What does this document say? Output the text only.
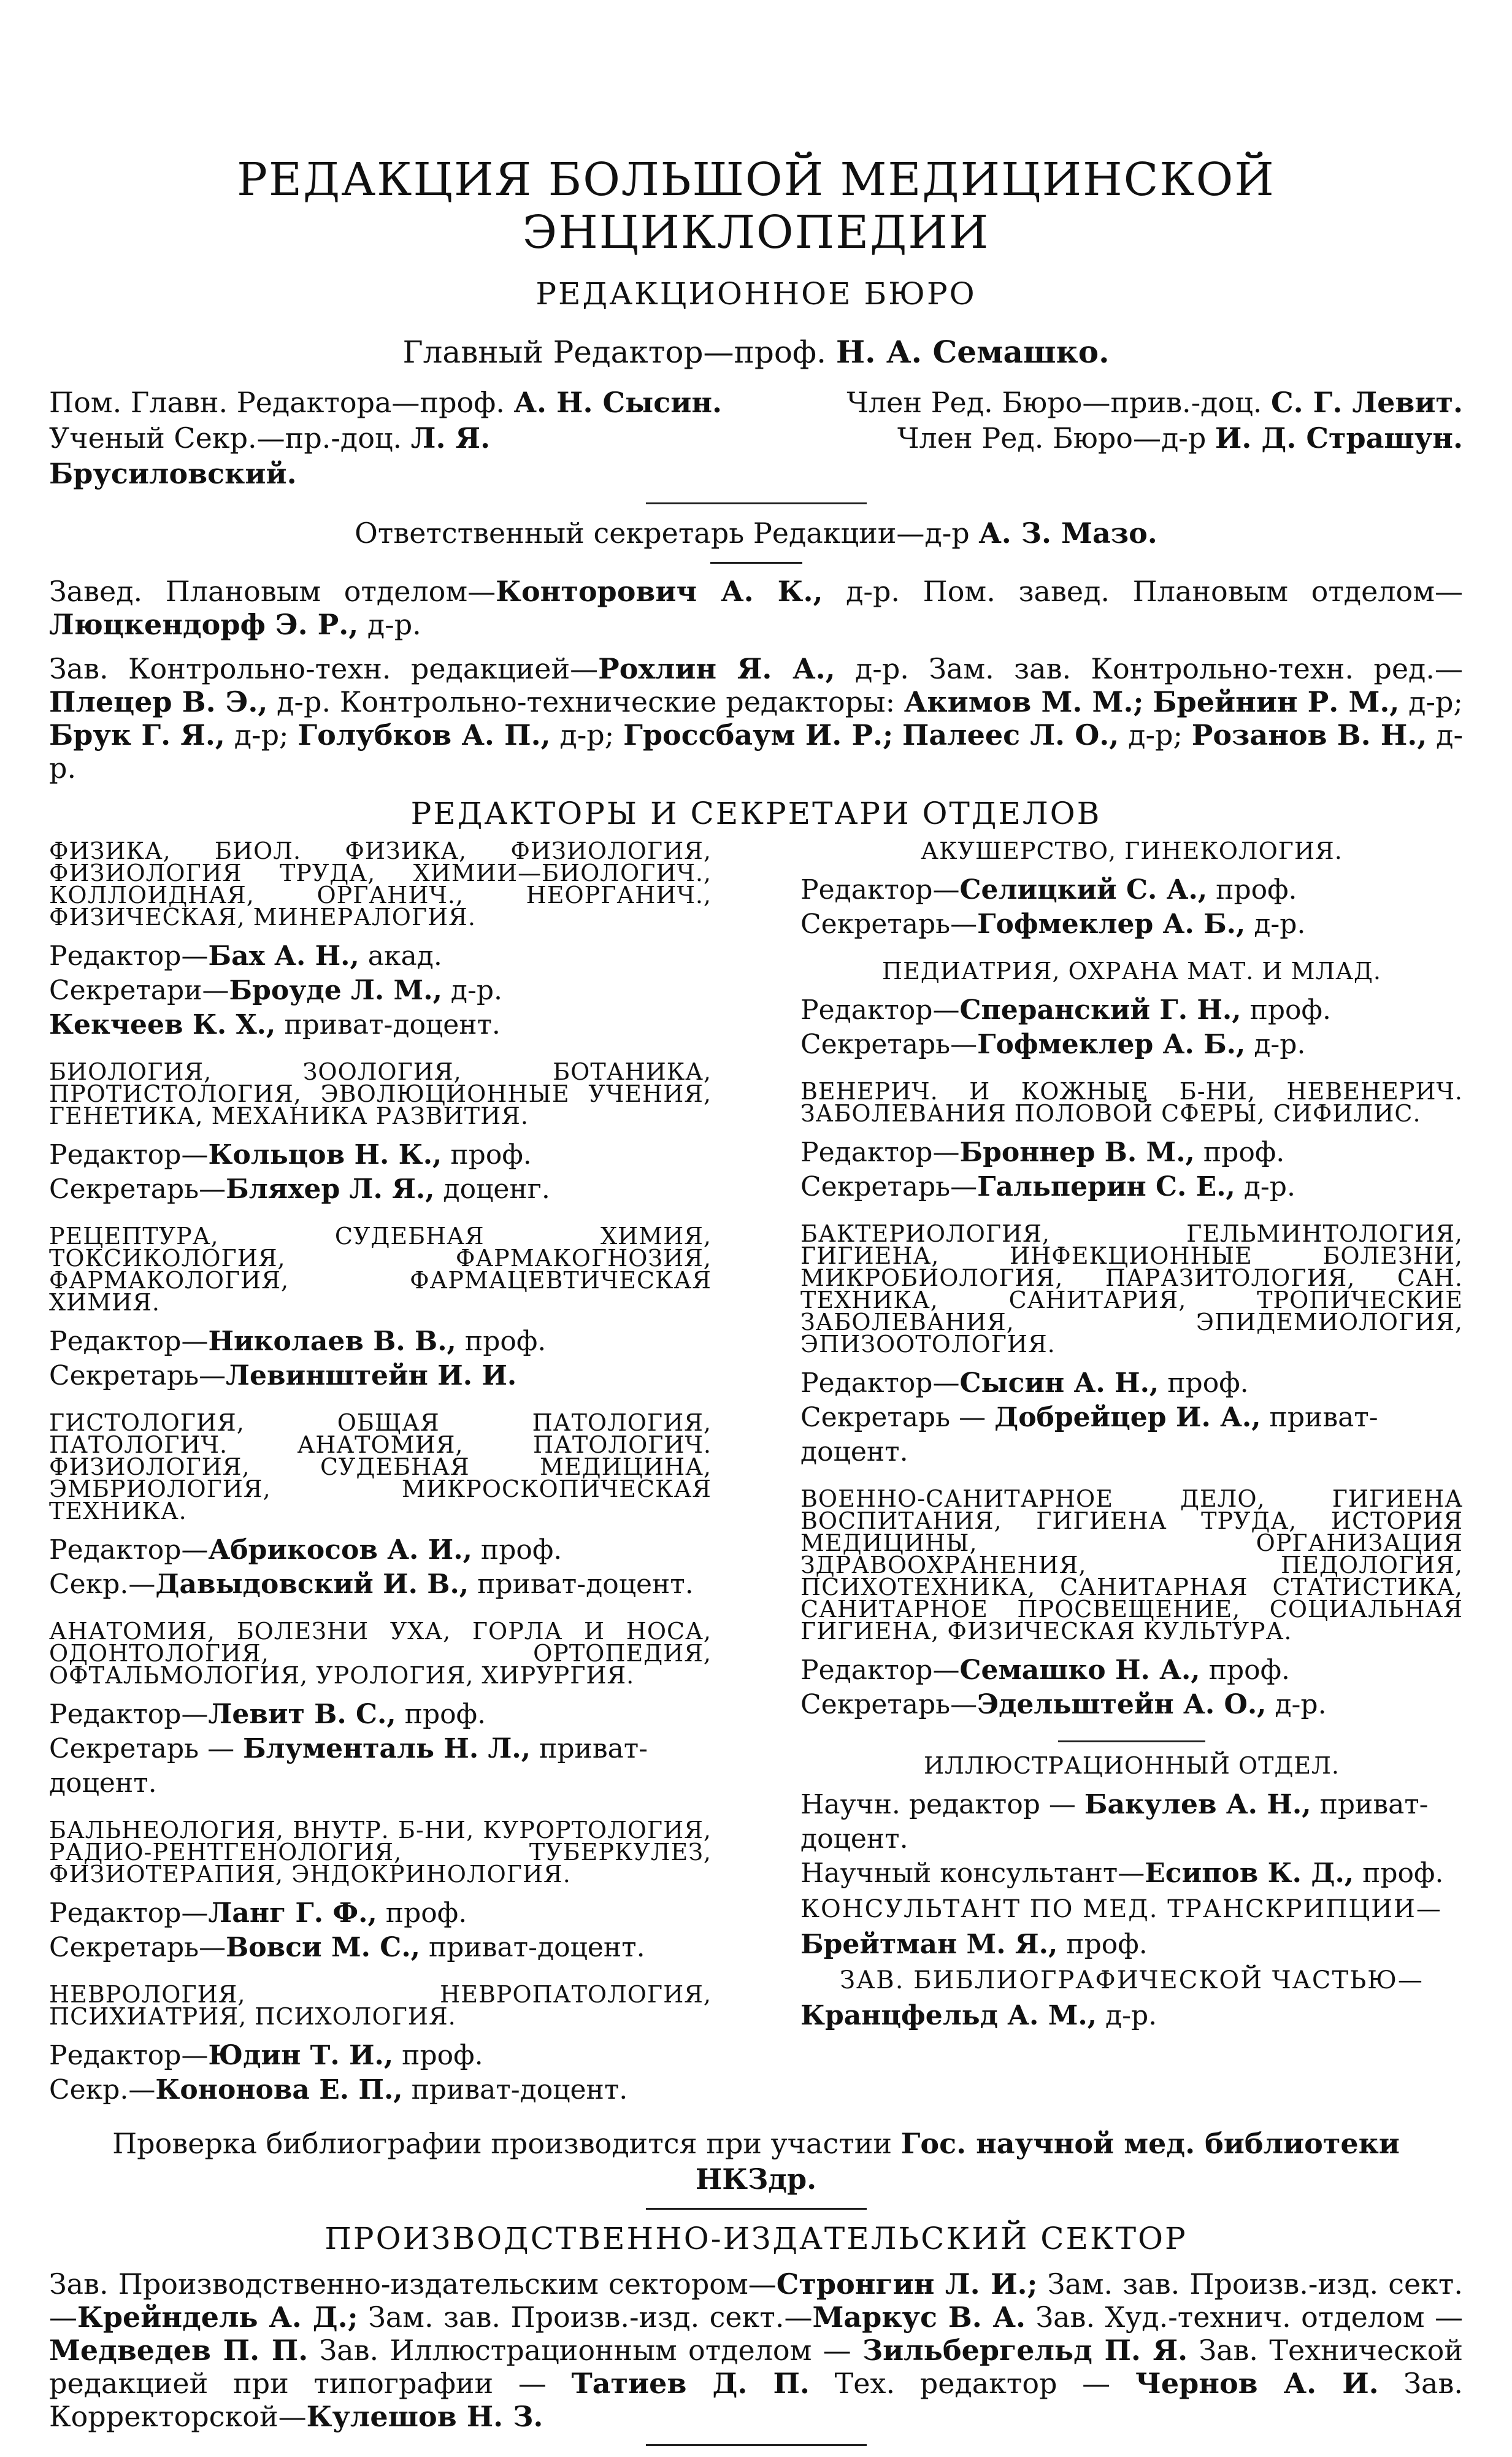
РЕДАКЦИЯ БОЛЬШОЙ МЕДИЦИНСКОЙ ЭНЦИКЛОПЕДИИ
РЕДАКЦИОННОЕ БЮРО
Главный Редактор—проф. Н. А. Семашко.
Пом. Главн. Редактора—проф. А. Н. Сысин.
Ученый Секр.—пр.-доц. Л. Я. Брусиловский.
Член Ред. Бюро—прив.-доц. С. Г. Левит.
Член Ред. Бюро—д-р И. Д. Страшун.
Ответственный секретарь Редакции—д-р А. З. Мазо.
Завед. Плановым отделом—Конторович А. К., д-р. Пом. завед. Плановым отделом—Люцкендорф Э. Р., д-р.
Зав. Контрольно-техн. редакцией—Рохлин Я. А., д-р. Зам. зав. Контрольно-техн. ред.—Плецер В. Э., д-р. Контрольно-технические редакторы: Акимов М. М.; Брейнин Р. М., д-р; Брук Г. Я., д-р; Голубков А. П., д-р; Гроссбаум И. Р.; Палеес Л. О., д-р; Розанов В. Н., д-р.
РЕДАКТОРЫ И СЕКРЕТАРИ ОТДЕЛОВ
ФИЗИКА, БИОЛ. ФИЗИКА, ФИЗИОЛОГИЯ, ФИЗИОЛОГИЯ ТРУДА, ХИМИИ—БИОЛОГИЧ., КОЛЛОИДНАЯ, ОРГАНИЧ., НЕОРГАНИЧ., ФИЗИЧЕСКАЯ, МИНЕРАЛОГИЯ.
Редактор—Бах А. Н., акад.
Секретари—Броуде Л. М., д-р.
Кекчеев К. Х., приват-доцент.
БИОЛОГИЯ, ЗООЛОГИЯ, БОТАНИКА, ПРОТИСТОЛОГИЯ, ЭВОЛЮЦИОННЫЕ УЧЕНИЯ, ГЕНЕТИКА, МЕХАНИКА РАЗВИТИЯ.
Редактор—Кольцов Н. К., проф.
Секретарь—Бляхер Л. Я., доценг.
РЕЦЕПТУРА, СУДЕБНАЯ ХИМИЯ, ТОКСИКОЛОГИЯ, ФАРМАКОГНОЗИЯ, ФАРМАКОЛОГИЯ, ФАРМАЦЕВТИЧЕСКАЯ ХИМИЯ.
Редактор—Николаев В. В., проф.
Секретарь—Левинштейн И. И.
ГИСТОЛОГИЯ, ОБЩАЯ ПАТОЛОГИЯ, ПАТОЛОГИЧ. АНАТОМИЯ, ПАТОЛОГИЧ. ФИЗИОЛОГИЯ, СУДЕБНАЯ МЕДИЦИНА, ЭМБРИОЛОГИЯ, МИКРОСКОПИЧЕСКАЯ ТЕХНИКА.
Редактор—Абрикосов А. И., проф.
Секр.—Давыдовский И. В., приват-доцент.
АНАТОМИЯ, БОЛЕЗНИ УХА, ГОРЛА И НОСА, ОДОНТОЛОГИЯ, ОРТОПЕДИЯ, ОФТАЛЬМОЛОГИЯ, УРОЛОГИЯ, ХИРУРГИЯ.
Редактор—Левит В. С., проф.
Секретарь — Блументаль Н. Л., приват-доцент.
БАЛЬНЕОЛОГИЯ, ВНУТР. Б-НИ, КУРОРТОЛОГИЯ, РАДИО-РЕНТГЕНОЛОГИЯ, ТУБЕРКУЛЕЗ, ФИЗИОТЕРАПИЯ, ЭНДОКРИНОЛОГИЯ.
Редактор—Ланг Г. Ф., проф.
Секретарь—Вовси М. С., приват-доцент.
НЕВРОЛОГИЯ, НЕВРОПАТОЛОГИЯ, ПСИХИАТРИЯ, ПСИХОЛОГИЯ.
Редактор—Юдин Т. И., проф.
Секр.—Кононова Е. П., приват-доцент.
АКУШЕРСТВО, ГИНЕКОЛОГИЯ.
Редактор—Селицкий С. А., проф.
Секретарь—Гофмеклер А. Б., д-р.
ПЕДИАТРИЯ, ОХРАНА МАТ. И МЛАД.
Редактор—Сперанский Г. Н., проф.
Секретарь—Гофмеклер А. Б., д-р.
ВЕНЕРИЧ. И КОЖНЫЕ Б-НИ, НЕВЕНЕРИЧ. ЗАБОЛЕВАНИЯ ПОЛОВОЙ СФЕРЫ, СИФИЛИС.
Редактор—Броннер В. М., проф.
Секретарь—Гальперин С. Е., д-р.
БАКТЕРИОЛОГИЯ, ГЕЛЬМИНТОЛОГИЯ, ГИГИЕНА, ИНФЕКЦИОННЫЕ БОЛЕЗНИ, МИКРОБИОЛОГИЯ, ПАРАЗИТОЛОГИЯ, САН. ТЕХНИКА, САНИТАРИЯ, ТРОПИЧЕСКИЕ ЗАБОЛЕВАНИЯ, ЭПИДЕМИОЛОГИЯ, ЭПИЗООТОЛОГИЯ.
Редактор—Сысин А. Н., проф.
Секретарь — Добрейцер И. А., приват-доцент.
ВОЕННО-САНИТАРНОЕ ДЕЛО, ГИГИЕНА ВОСПИТАНИЯ, ГИГИЕНА ТРУДА, ИСТОРИЯ МЕДИЦИНЫ, ОРГАНИЗАЦИЯ ЗДРАВООХРАНЕНИЯ, ПЕДОЛОГИЯ, ПСИХОТЕХНИКА, САНИТАРНАЯ СТАТИСТИКА, САНИТАРНОЕ ПРОСВЕЩЕНИЕ, СОЦИАЛЬНАЯ ГИГИЕНА, ФИЗИЧЕСКАЯ КУЛЬТУРА.
Редактор—Семашко Н. А., проф.
Секретарь—Эдельштейн А. О., д-р.
ИЛЛЮСТРАЦИОННЫЙ ОТДЕЛ.
Научн. редактор — Бакулев А. Н., приват-доцент.
Научный консультант—Есипов К. Д., проф.
КОНСУЛЬТАНТ ПО МЕД. ТРАНСКРИПЦИИ—
Брейтман М. Я., проф.
ЗАВ. БИБЛИОГРАФИЧЕСКОЙ ЧАСТЬЮ—
Кранцфельд А. М., д-р.
Проверка библиографии производится при участии Гос. научной мед. библиотеки НКЗдр.
ПРОИЗВОДСТВЕННО-ИЗДАТЕЛЬСКИЙ СЕКТОР
Зав. Производственно-издательским сектором—Стронгин Л. И.; Зам. зав. Произв.-изд. сект.—Крейндель А. Д.; Зам. зав. Произв.-изд. сект.—Маркус В. А. Зав. Худ.-технич. отделом — Медведев П. П. Зав. Иллюстрационным отделом — Зильбергельд П. Я. Зав. Технической редакцией при типографии — Татиев Д. П. Тех. редактор — Чернов А. И. Зав. Корректорской—Кулешов Н. З.
